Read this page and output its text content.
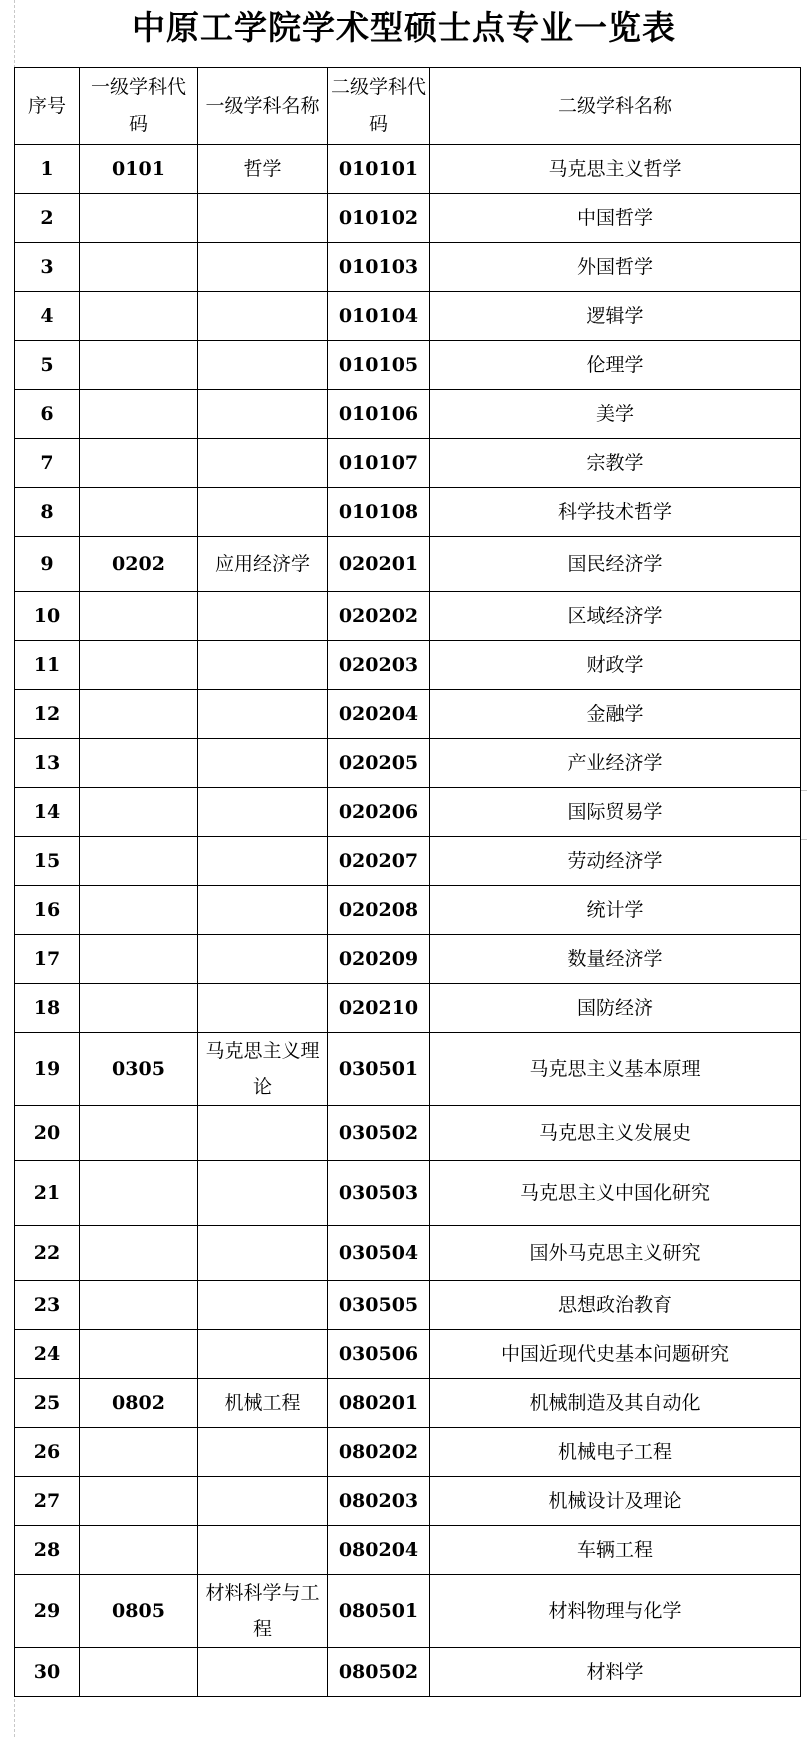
中原工学院学术型硕士点专业一览表
序号	一级学科代码	一级学科名称	二级学科代码	二级学科名称
1	0101	哲学	010101	马克思主义哲学
2			010102	中国哲学
3			010103	外国哲学
4			010104	逻辑学
5			010105	伦理学
6			010106	美学
7			010107	宗教学
8			010108	科学技术哲学
9	0202	应用经济学	020201	国民经济学
10			020202	区域经济学
11			020203	财政学
12			020204	金融学
13			020205	产业经济学
14			020206	国际贸易学
15			020207	劳动经济学
16			020208	统计学
17			020209	数量经济学
18			020210	国防经济
19	0305	马克思主义理论	030501	马克思主义基本原理
20			030502	马克思主义发展史
21			030503	马克思主义中国化研究
22			030504	国外马克思主义研究
23			030505	思想政治教育
24			030506	中国近现代史基本问题研究
25	0802	机械工程	080201	机械制造及其自动化
26			080202	机械电子工程
27			080203	机械设计及理论
28			080204	车辆工程
29	0805	材料科学与工程	080501	材料物理与化学
30			080502	材料学
